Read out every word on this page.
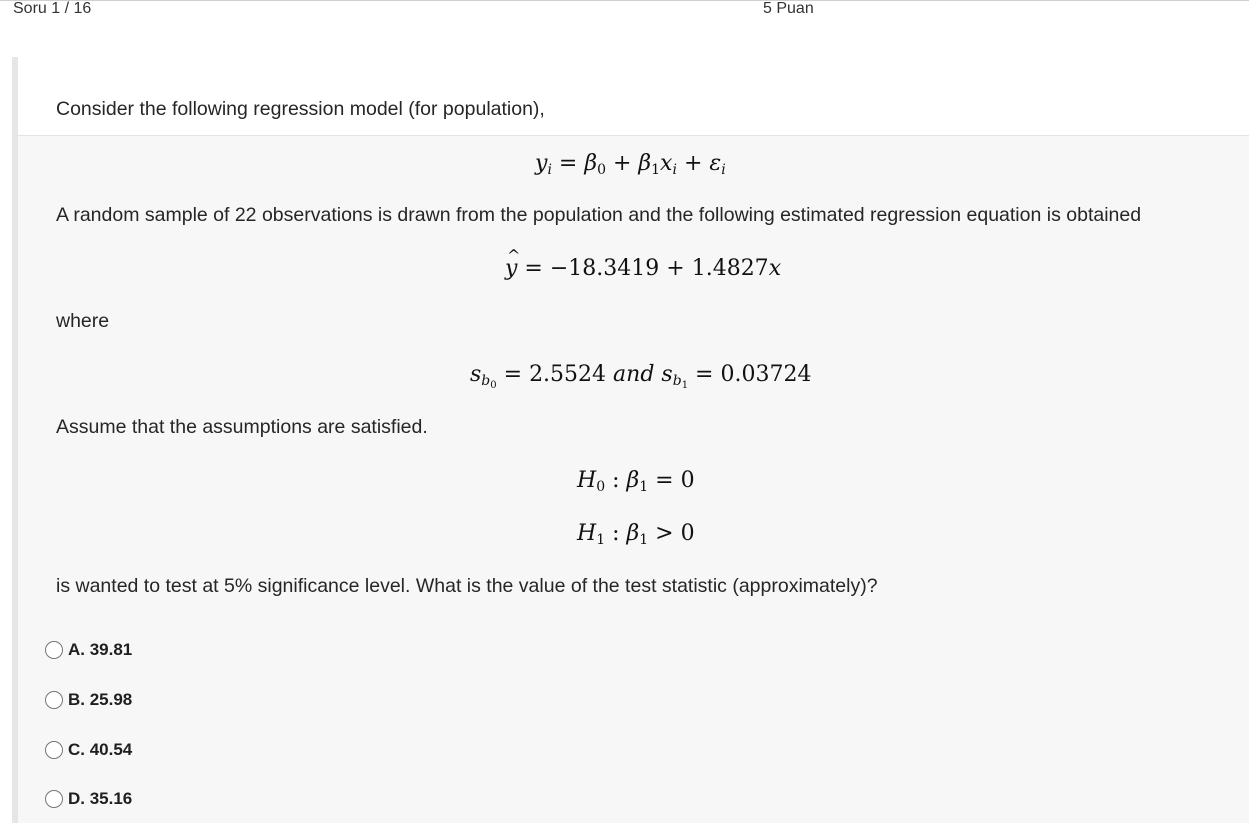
Soru 1 / 16	5 Puan
Consider the following regression model (for population),
$y_i = \beta_0 + \beta_1x_i + \varepsilon_i$
A random sample of 22 observations is drawn from the population and the following estimated regression equation is obtained
^ y = −18.3419 + 1.4827x
where
$s_{b_0} = 2.5524$ and $s_{b_1} = 0.03724$
Assume that the assumptions are satisfied.
$H_0$ : $\beta_1 = 0$
$H_1$ : $\beta_1 > 0$
is wanted to test at 5% significance level. What is the value of the test statistic (approximately)?
A. 39.81
B. 25.98
C. 40.54
D. 35.16
